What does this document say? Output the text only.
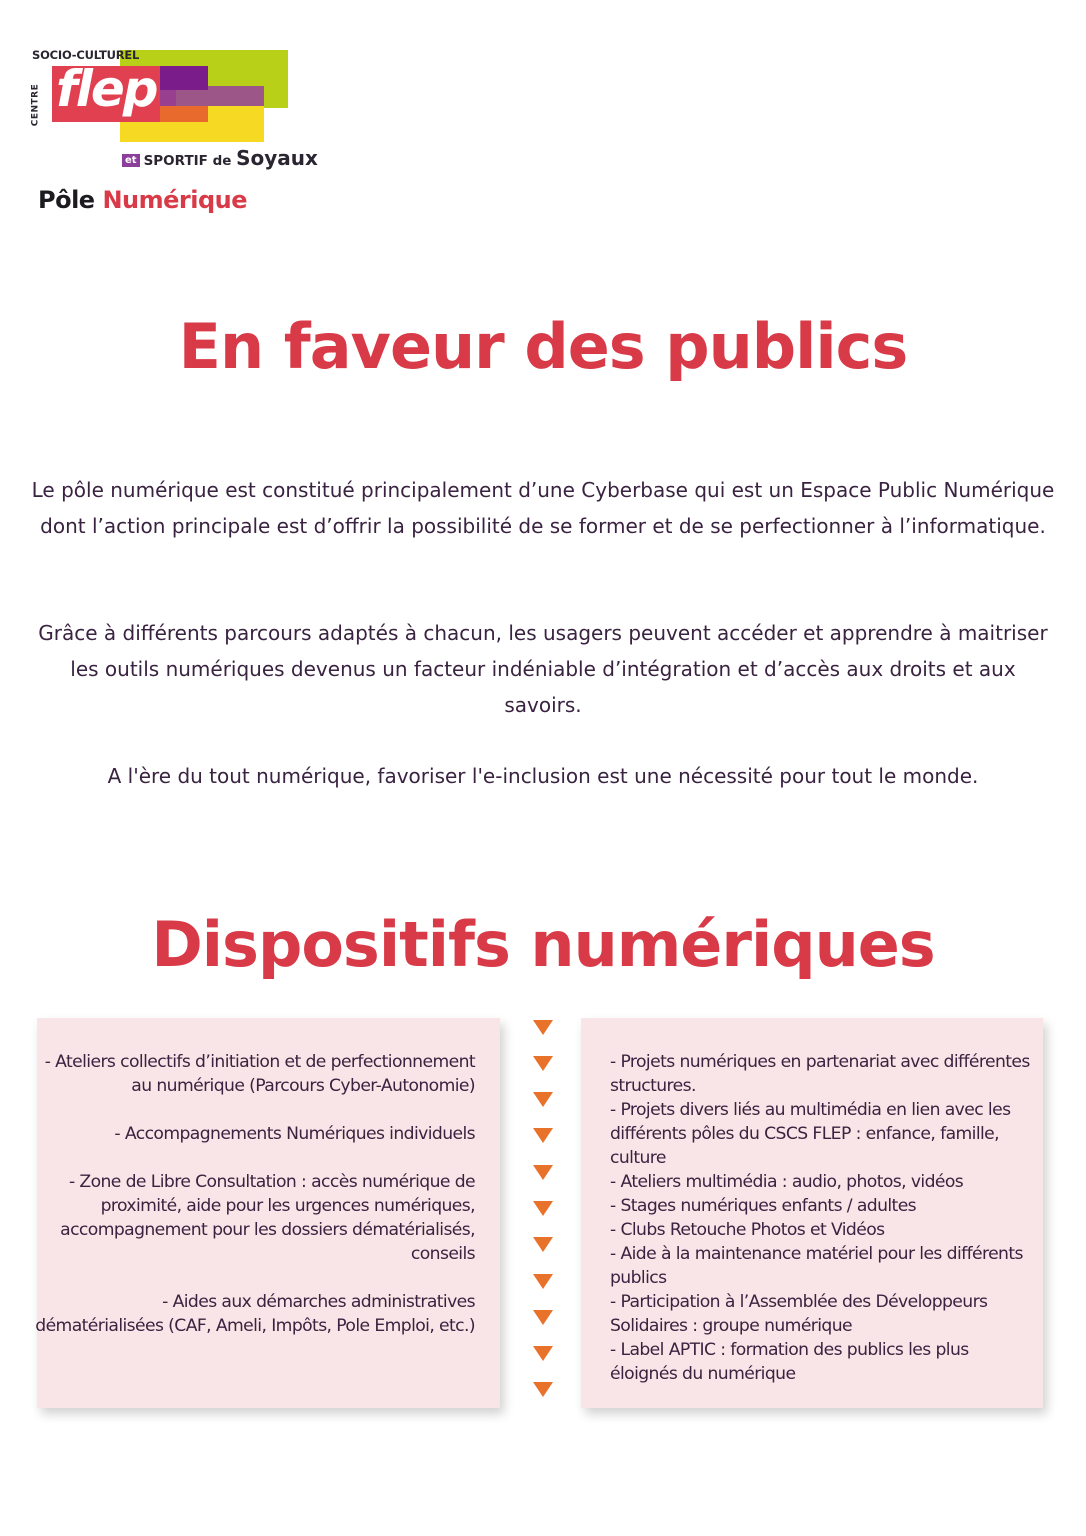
SOCIO-CULTUREL
CENTRE flep
et SPORTIF de Soyaux
Pôle Numérique
En faveur des publics

Le pôle numérique est constitué principalement d’une Cyberbase qui est un Espace Public Numérique dont l’action principale est d’offrir la possibilité de se former et de se perfectionner à l’informatique.

Grâce à différents parcours adaptés à chacun, les usagers peuvent accéder et apprendre à maitriser les outils numériques devenus un facteur indéniable d’intégration et d’accès aux droits et aux savoirs.

A l'ère du tout numérique, favoriser l'e-inclusion est une nécessité pour tout le monde.

Dispositifs numériques
- Ateliers collectifs d’initiation et de perfectionnement au numérique (Parcours Cyber-Autonomie)
- Accompagnements Numériques individuels
- Zone de Libre Consultation : accès numérique de proximité, aide pour les urgences numériques, accompagnement pour les dossiers dématérialisés, conseils
- Aides aux démarches administratives dématérialisées (CAF, Ameli, Impôts, Pole Emploi, etc.)
- Projets numériques en partenariat avec différentes structures.
- Projets divers liés au multimédia en lien avec les différents pôles du CSCS FLEP : enfance, famille, culture
- Ateliers multimédia : audio, photos, vidéos
- Stages numériques enfants / adultes
- Clubs Retouche Photos et Vidéos
- Aide à la maintenance matériel pour les différents publics
- Participation à l’Assemblée des Développeurs Solidaires : groupe numérique
- Label APTIC : formation des publics les plus éloignés du numérique
